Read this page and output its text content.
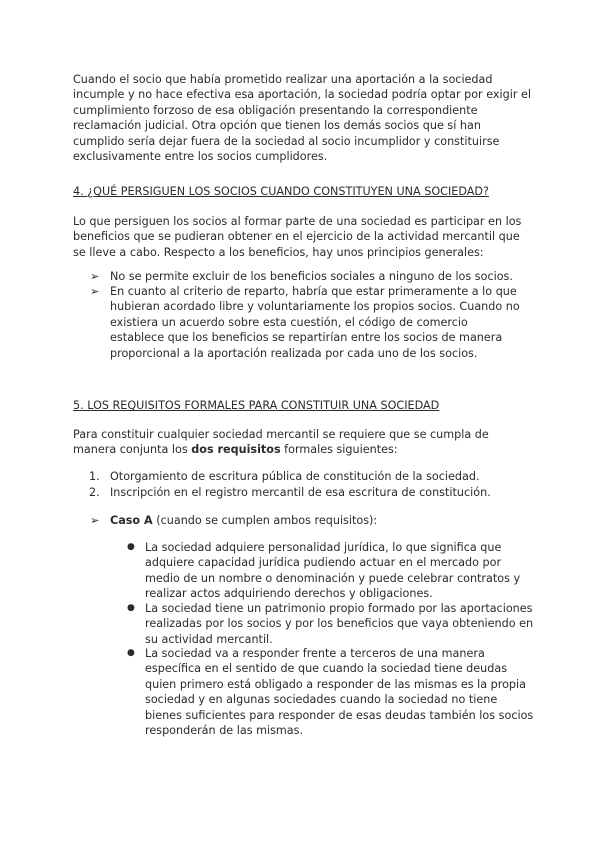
Cuando el socio que había prometido realizar una aportación a la sociedad incumple y no hace efectiva esa aportación, la sociedad podría optar por exigir el cumplimiento forzoso de esa obligación presentando la correspondiente reclamación judicial. Otra opción que tienen los demás socios que sí han cumplido sería dejar fuera de la sociedad al socio incumplidor y constituirse exclusivamente entre los socios cumplidores.

4. ¿QUÉ PERSIGUEN LOS SOCIOS CUANDO CONSTITUYEN UNA SOCIEDAD?

Lo que persiguen los socios al formar parte de una sociedad es participar en los beneficios que se pudieran obtener en el ejercicio de la actividad mercantil que se lleve a cabo. Respecto a los beneficios, hay unos principios generales:

➢ No se permite excluir de los beneficios sociales a ninguno de los socios.

➢ En cuanto al criterio de reparto, habría que estar primeramente a lo que hubieran acordado libre y voluntariamente los propios socios. Cuando no existiera un acuerdo sobre esta cuestión, el código de comercio establece que los beneficios se repartirían entre los socios de manera proporcional a la aportación realizada por cada uno de los socios.

5. LOS REQUISITOS FORMALES PARA CONSTITUIR UNA SOCIEDAD

Para constituir cualquier sociedad mercantil se requiere que se cumpla de manera conjunta los dos requisitos formales siguientes:

1. Otorgamiento de escritura pública de constitución de la sociedad.

2. Inscripción en el registro mercantil de esa escritura de constitución.

➢ Caso A (cuando se cumplen ambos requisitos):

● La sociedad adquiere personalidad jurídica, lo que significa que adquiere capacidad jurídica pudiendo actuar en el mercado por medio de un nombre o denominación y puede celebrar contratos y realizar actos adquiriendo derechos y obligaciones.

● La sociedad tiene un patrimonio propio formado por las aportaciones realizadas por los socios y por los beneficios que vaya obteniendo en su actividad mercantil.

● La sociedad va a responder frente a terceros de una manera específica en el sentido de que cuando la sociedad tiene deudas quien primero está obligado a responder de las mismas es la propia sociedad y en algunas sociedades cuando la sociedad no tiene bienes suficientes para responder de esas deudas también los socios responderán de las mismas.
